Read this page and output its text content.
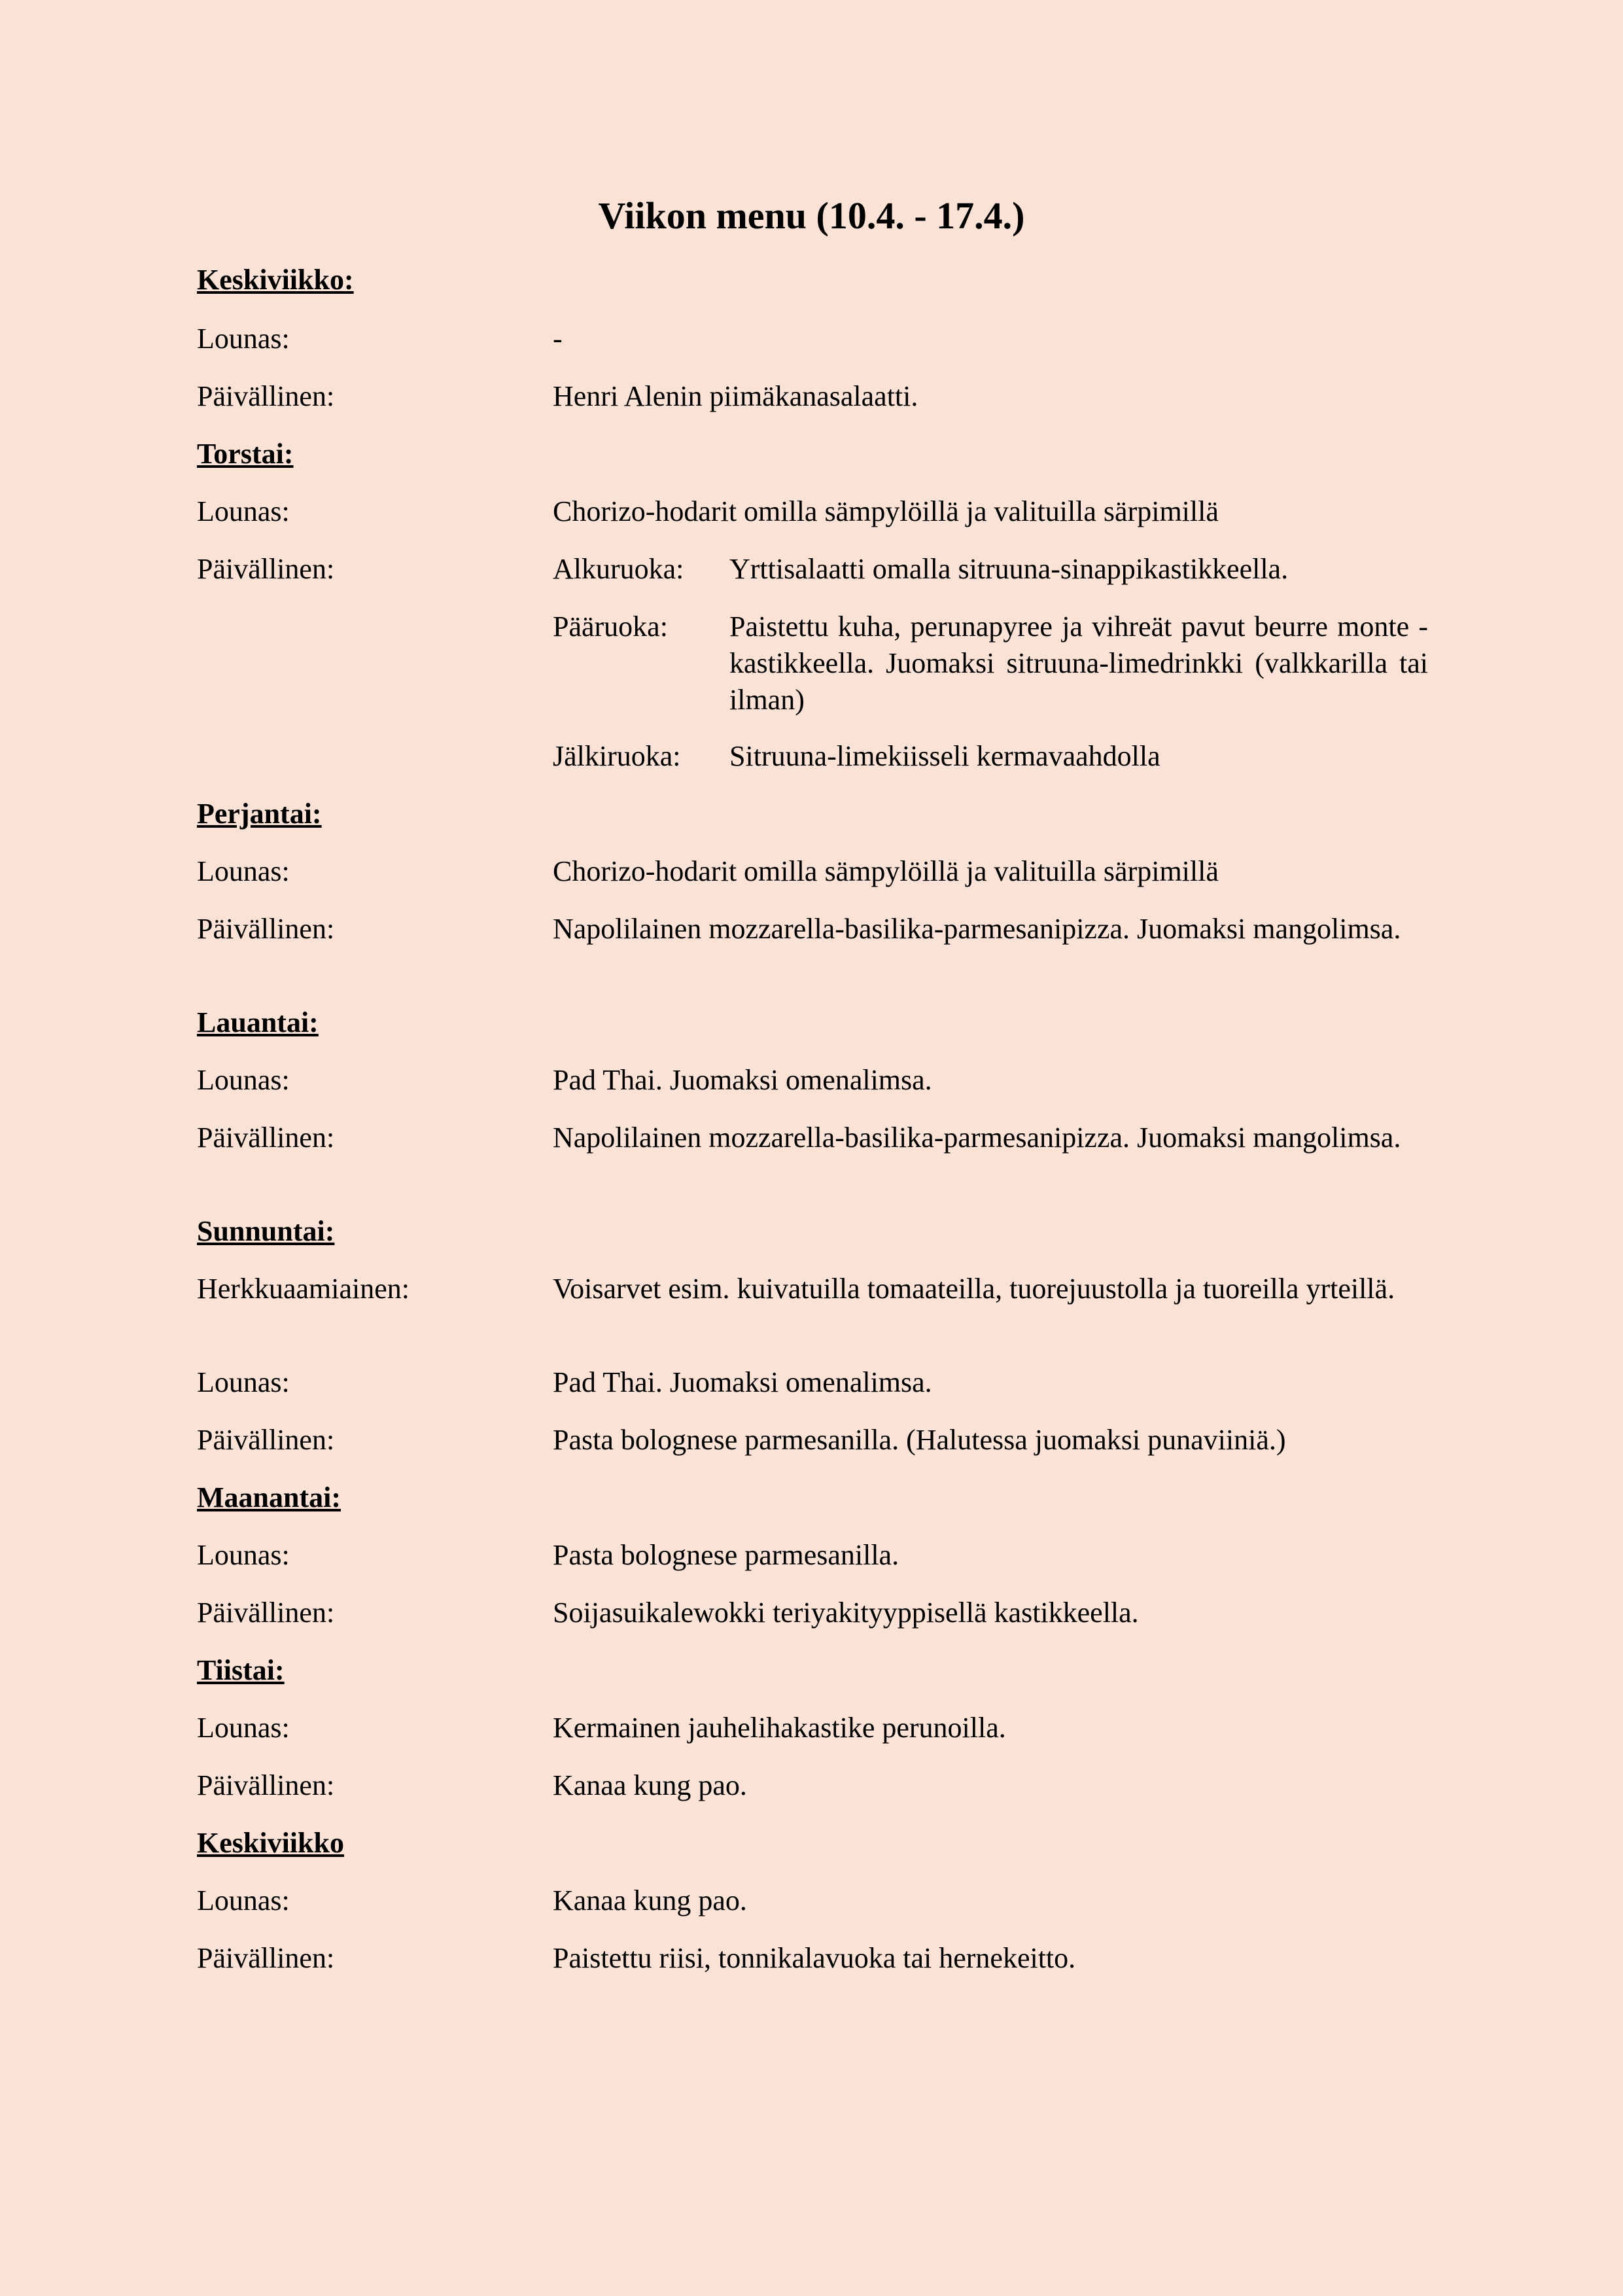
Viikon menu (10.4. - 17.4.)
Keskiviikko:
Lounas:	-
Päivällinen:	Henri Alenin piimäkanasalaatti.
Torstai:
Lounas:	Chorizo-hodarit omilla sämpylöillä ja valituilla särpimillä
Päivällinen:	Alkuruoka: Yrttisalaatti omalla sitruuna-sinappikastikkeella.
Pääruoka: Paistettu kuha, perunapyree ja vihreät pavut beurre monte -kastikkeella. Juomaksi sitruuna-limedrinkki (valkkarilla tai ilman)
Jälkiruoka: Sitruuna-limekiisseli kermavaahdolla
Perjantai:
Lounas:	Chorizo-hodarit omilla sämpylöillä ja valituilla särpimillä
Päivällinen:	Napolilainen mozzarella-basilika-parmesanipizza. Juomaksi mangolimsa.
Lauantai:
Lounas:	Pad Thai. Juomaksi omenalimsa.
Päivällinen:	Napolilainen mozzarella-basilika-parmesanipizza. Juomaksi mangolimsa.
Sunnuntai:
Herkkuaamiainen:	Voisarvet esim. kuivatuilla tomaateilla, tuorejuustolla ja tuoreilla yrteillä.
Lounas:	Pad Thai. Juomaksi omenalimsa.
Päivällinen:	Pasta bolognese parmesanilla. (Halutessa juomaksi punaviiniä.)
Maanantai:
Lounas:	Pasta bolognese parmesanilla.
Päivällinen:	Soijasuikalewokki teriyakityyppisellä kastikkeella.
Tiistai:
Lounas:	Kermainen jauhelihakastike perunoilla.
Päivällinen:	Kanaa kung pao.
Keskiviikko
Lounas:	Kanaa kung pao.
Päivällinen:	Paistettu riisi, tonnikalavuoka tai hernekeitto.
